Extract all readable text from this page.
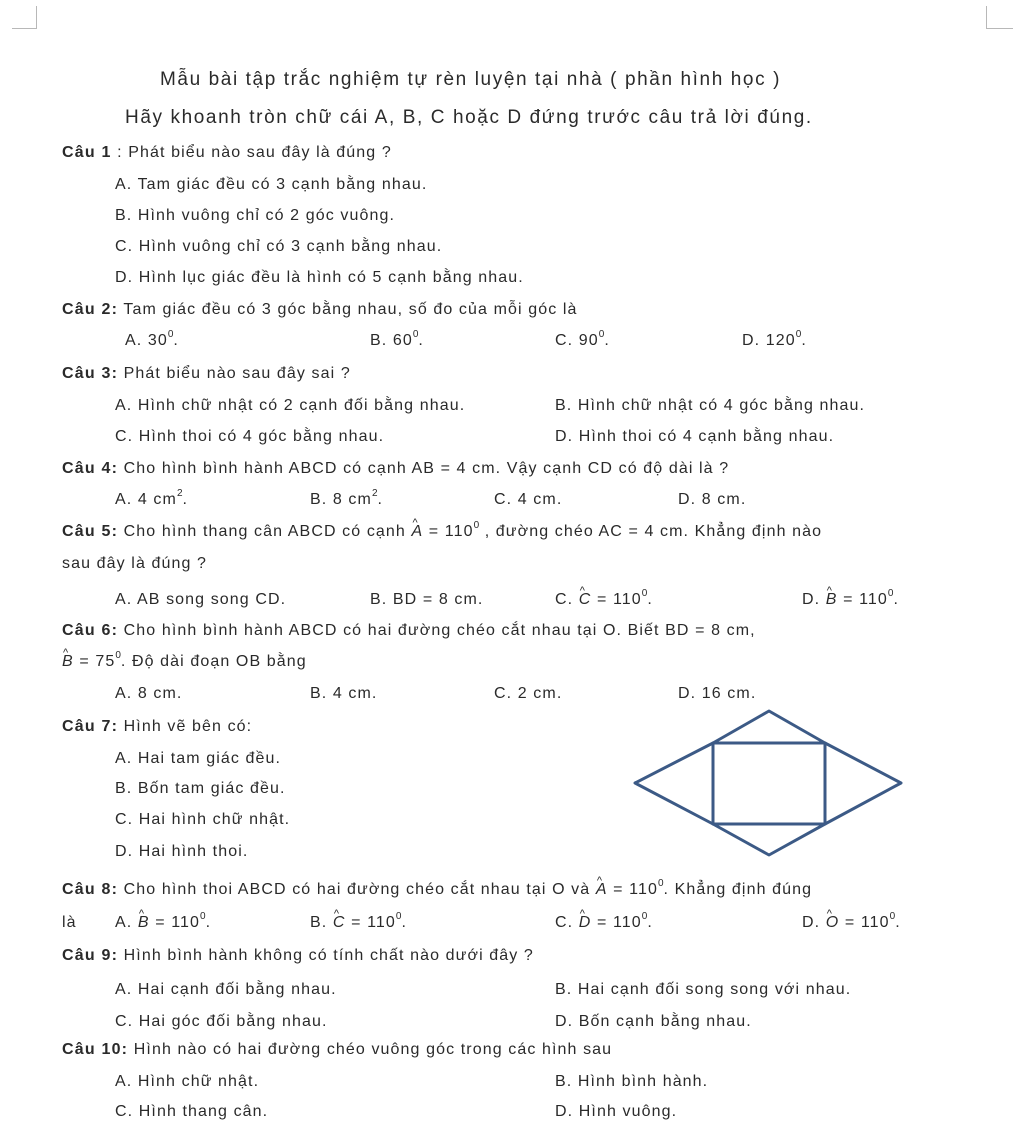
Mẫu bài tập trắc nghiệm tự rèn luyện tại nhà ( phần hình học )
Hãy khoanh tròn chữ cái A, B, C hoặc D đứng trước câu trả lời đúng.
Câu 1 : Phát biểu nào sau đây là đúng ?
A. Tam giác đều có 3 cạnh bằng nhau.
B. Hình vuông chỉ có 2 góc vuông.
C. Hình vuông chỉ có 3 cạnh bằng nhau.
D. Hình lục giác đều là hình có 5 cạnh bằng nhau.
Câu 2: Tam giác đều có 3 góc bằng nhau, số đo của mỗi góc là
A. $30^0$.	B. $60^0$.	C. $90^0$.	D. $120^0$.
Câu 3: Phát biểu nào sau đây sai ?
A. Hình chữ nhật có 2 cạnh đối bằng nhau.	B. Hình chữ nhật có 4 góc bằng nhau.
C. Hình thoi có 4 góc bằng nhau.	D. Hình thoi có 4 cạnh bằng nhau.
Câu 4: Cho hình bình hành ABCD có cạnh AB = 4 cm. Vậy cạnh CD có độ dài là ?
A. 4 $cm^2$.	B. 8 $cm^2$.	C. 4 cm.	D. 8 cm.
Câu 5: Cho hình thang cân ABCD có cạnh ^ $A = 110^0$ , đường chéo AC = 4 cm. Khẳng định nào
sau đây là đúng ?
A. AB song song CD.	B. BD = 8 cm.	C. ^ $C = 110^0$.	D. ^ $B = 110^0$.
Câu 6: Cho hình bình hành ABCD có hai đường chéo cắt nhau tại O. Biết BD = 8 cm,
^ $B = 75^0$. Độ dài đoạn OB bằng
A. 8 cm.	B. 4 cm.	C. 2 cm.	D. 16 cm.
Câu 7: Hình vẽ bên có:
A. Hai tam giác đều.
B. Bốn tam giác đều.
C. Hai hình chữ nhật.
D. Hai hình thoi.
Câu 8: Cho hình thoi ABCD có hai đường chéo cắt nhau tại O và ^ $A = 110^0$. Khẳng định đúng
là A. ^ $B = 110^0$.	B. ^ $C = 110^0$.	C. ^ $D = 110^0$.	D. ^ $O = 110^0$.
Câu 9: Hình bình hành không có tính chất nào dưới đây ?
A. Hai cạnh đối bằng nhau.	B. Hai cạnh đối song song với nhau.
C. Hai góc đối bằng nhau.	D. Bốn cạnh bằng nhau.
Câu 10: Hình nào có hai đường chéo vuông góc trong các hình sau
A. Hình chữ nhật.	B. Hình bình hành.
C. Hình thang cân.	D. Hình vuông.
